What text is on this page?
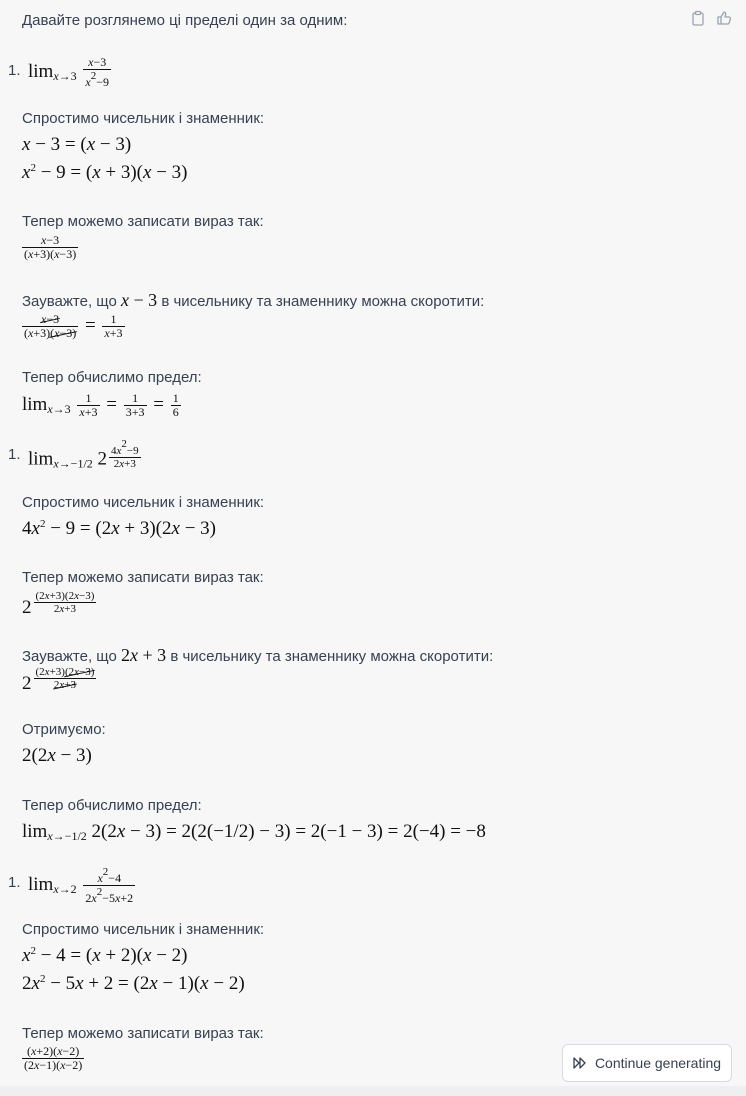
Давайте розглянемо ці пределі один за одним:
1. $\lim_{x\to 3} \frac{x-3}{x2-9}$
Спростимо чисельник і знаменник:
x − 3 = (x − 3)
$x^2 - 9 = (x + 3)(x - 3)$
Тепер можемо записати вираз так:
$\frac{x-3}{(x+3)(x-3)}$
Зауважте, що x − 3 в чисельнику та знаменнику можна скоротити:
$\frac{x-3}{(x+3)(x-3)} = \frac{1}{x+3}$
Тепер обчислимо предел:
$\lim_{x\to 3} \frac{1}{x+3} = \frac{1}{3+3} = \frac{1}{6}$
1. $\lim_{x\to-1/2} 2 \frac{4x2-9}{2x+3}$
Спростимо чисельник і знаменник:
$4x^2 - 9 = (2x + 3)(2x - 3)$
Тепер можемо записати вираз так:
$2 \frac{(2x+3)(2x-3)}{2x+3}$
Зауважте, що 2x + 3 в чисельнику та знаменнику можна скоротити:
$2 \frac{(2x+3)(2x-3)}{2x+3}$
Отримуємо:
2(2x − 3)
Тепер обчислимо предел:
$\lim_{x\to-1/2} 2(2x - 3) = 2(2(-1/2) - 3) = 2(-1 - 3) = 2(-4) = -8$
1. $\lim_{x\to 2} \frac{x2-4}{2x2-5x+2}$
Спростимо чисельник і знаменник:
$x^2 - 4 = (x + 2)(x - 2)$
$2x^2 - 5x + 2 = (2x - 1)(x - 2)$
Тепер можемо записати вираз так:
$\frac{(x+2)(x-2)}{(2x-1)(x-2)}$	Continue generating
